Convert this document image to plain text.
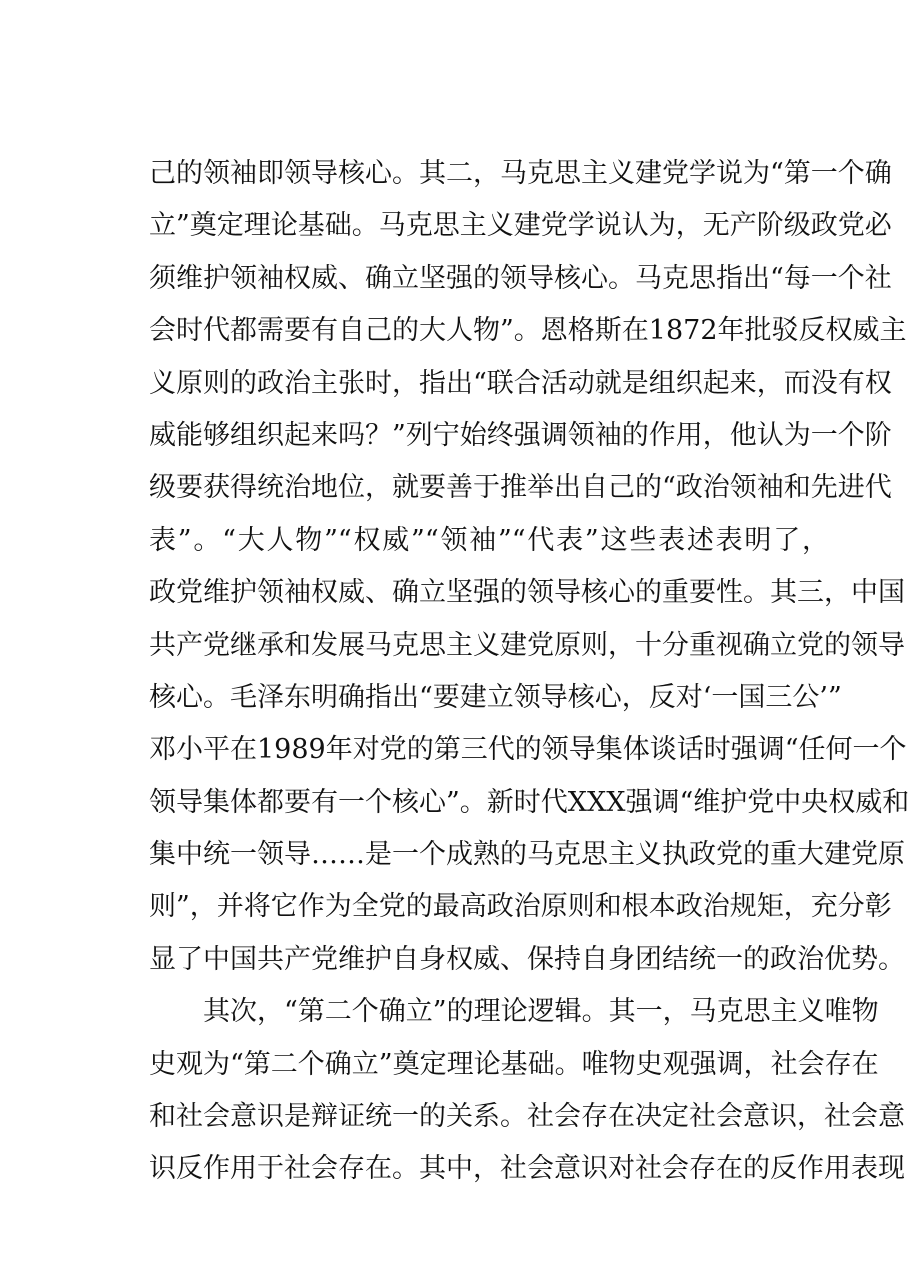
己的领袖即领导核心。其二，马克思主义建党学说为“第一个确
立”奠定理论基础。马克思主义建党学说认为，无产阶级政党必
须维护领袖权威、确立坚强的领导核心。马克思指出“每一个社
会时代都需要有自己的大人物”。恩格斯在1872年批驳反权威主
义原则的政治主张时，指出“联合活动就是组织起来，而没有权
威能够组织起来吗？”列宁始终强调领袖的作用，他认为一个阶
级要获得统治地位，就要善于推举出自己的“政治领袖和先进代
表”。“大人物”“权威”“领袖”“代表”这些表述表明了，
政党维护领袖权威、确立坚强的领导核心的重要性。其三，中国
共产党继承和发展马克思主义建党原则，十分重视确立党的领导
核心。毛泽东明确指出“要建立领导核心，反对‘一国三公’”
邓小平在1989年对党的第三代的领导集体谈话时强调“任何一个
领导集体都要有一个核心”。新时代XXX强调“维护党中央权威和
集中统一领导……是一个成熟的马克思主义执政党的重大建党原
则”，并将它作为全党的最高政治原则和根本政治规矩，充分彰
显了中国共产党维护自身权威、保持自身团结统一的政治优势。
其次，“第二个确立”的理论逻辑。其一，马克思主义唯物
史观为“第二个确立”奠定理论基础。唯物史观强调，社会存在
和社会意识是辩证统一的关系。社会存在决定社会意识，社会意
识反作用于社会存在。其中，社会意识对社会存在的反作用表现
